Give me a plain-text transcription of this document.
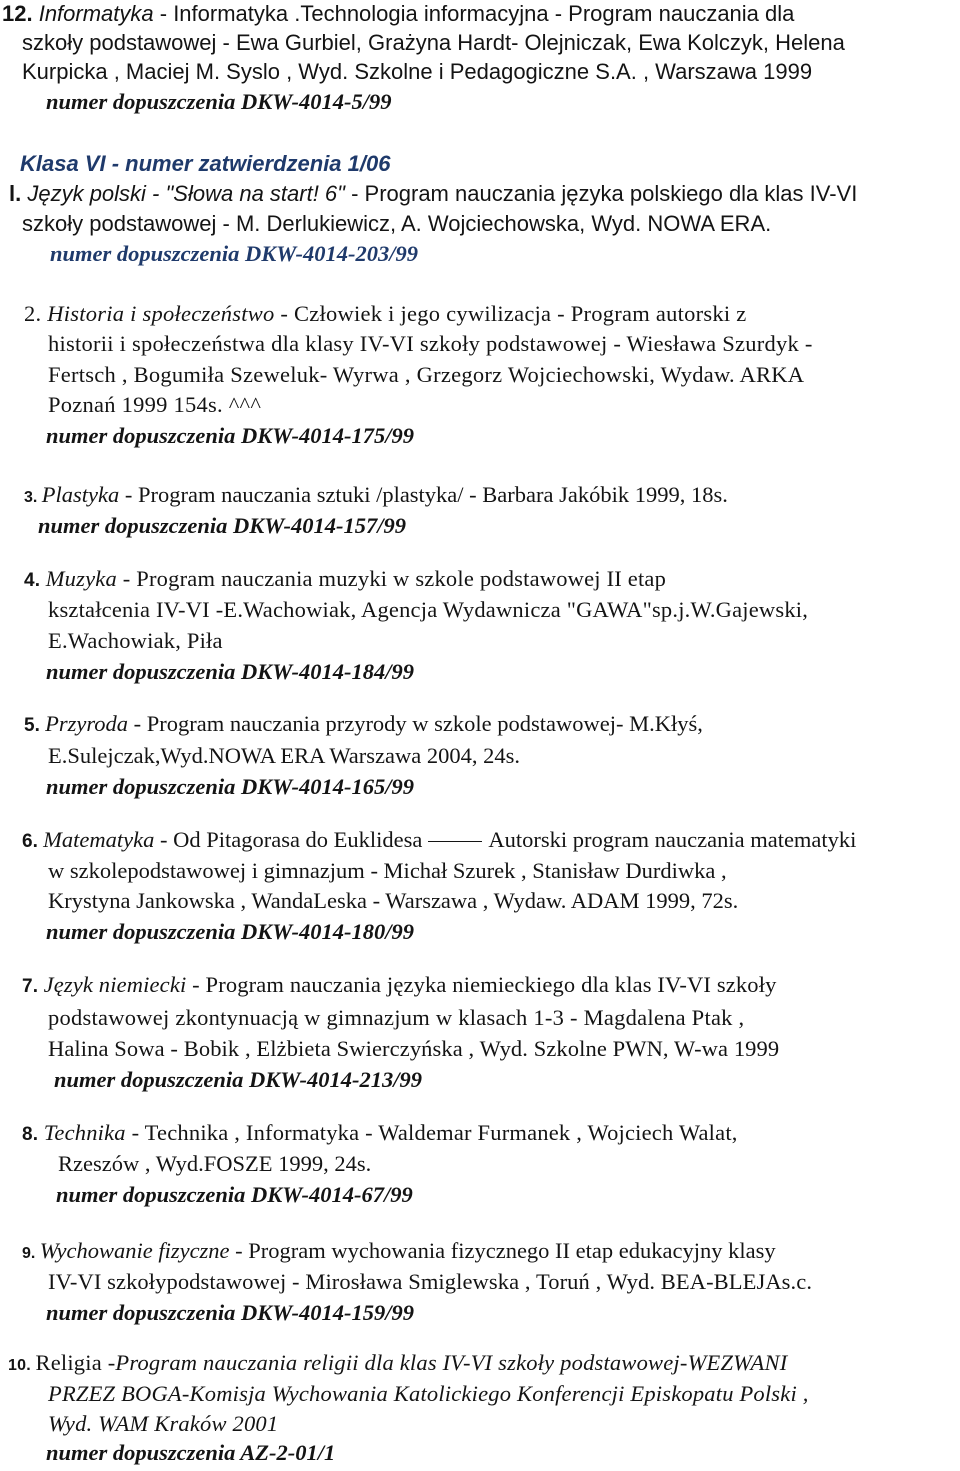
12. Informatyka - Informatyka .Technologia informacyjna - Program nauczania dla
szkoły podstawowej - Ewa Gurbiel, Grażyna Hardt- Olejniczak, Ewa Kolczyk, Helena
Kurpicka , Maciej M. Syslo , Wyd. Szkolne i Pedagogiczne S.A. , Warszawa 1999
numer dopuszczenia DKW-4014-5/99
Klasa VI - numer zatwierdzenia 1/06
l. Język polski - "Słowa na start! 6" - Program nauczania języka polskiego dla klas IV-VI
szkoły podstawowej - M. Derlukiewicz, A. Wojciechowska, Wyd. NOWA ERA.
numer dopuszczenia DKW-4014-203/99
2. Historia i społeczeństwo - Człowiek i jego cywilizacja - Program autorski z
historii i społeczeństwa dla klasy IV-VI szkoły podstawowej - Wiesława Szurdyk -
Fertsch , Bogumiła Szeweluk- Wyrwa , Grzegorz Wojciechowski, Wydaw. ARKA
Poznań 1999 154s. ^^^
numer dopuszczenia DKW-4014-175/99
3. Plastyka - Program nauczania sztuki /plastyka/ - Barbara Jakóbik 1999, 18s.
numer dopuszczenia DKW-4014-157/99
4. Muzyka - Program nauczania muzyki w szkole podstawowej II etap
kształcenia IV-VI -E.Wachowiak, Agencja Wydawnicza "GAWA"sp.j.W.Gajewski,
E.Wachowiak, Piła
numer dopuszczenia DKW-4014-184/99
5. Przyroda - Program nauczania przyrody w szkole podstawowej- M.Kłyś,
E.Sulejczak,Wyd.NOWA ERA Warszawa 2004, 24s.
numer dopuszczenia DKW-4014-165/99
6. Matematyka - Od Pitagorasa do Euklidesa	Autorski program nauczania matematyki
w szkolepodstawowej i gimnazjum - Michał Szurek , Stanisław Durdiwka ,
Krystyna Jankowska , WandaLeska - Warszawa , Wydaw. ADAM 1999, 72s.
numer dopuszczenia DKW-4014-180/99
7. Język niemiecki - Program nauczania języka niemieckiego dla klas IV-VI szkoły
podstawowej zkontynuacją w gimnazjum w klasach 1-3 - Magdalena Ptak ,
Halina Sowa - Bobik , Elżbieta Swierczyńska , Wyd. Szkolne PWN, W-wa 1999
numer dopuszczenia DKW-4014-213/99
8. Technika - Technika , Informatyka - Waldemar Furmanek , Wojciech Walat,
Rzeszów , Wyd.FOSZE 1999, 24s.
numer dopuszczenia DKW-4014-67/99
9. Wychowanie fizyczne - Program wychowania fizycznego II etap edukacyjny klasy
IV-VI szkołypodstawowej - Mirosława Smiglewska , Toruń , Wyd. BEA-BLEJAs.c.
numer dopuszczenia DKW-4014-159/99
10. Religia -Program nauczania religii dla klas IV-VI szkoły podstawowej-WEZWANI
PRZEZ BOGA-Komisja Wychowania Katolickiego Konferencji Episkopatu Polski ,
Wyd. WAM Kraków 2001
numer dopuszczenia AZ-2-01/1
